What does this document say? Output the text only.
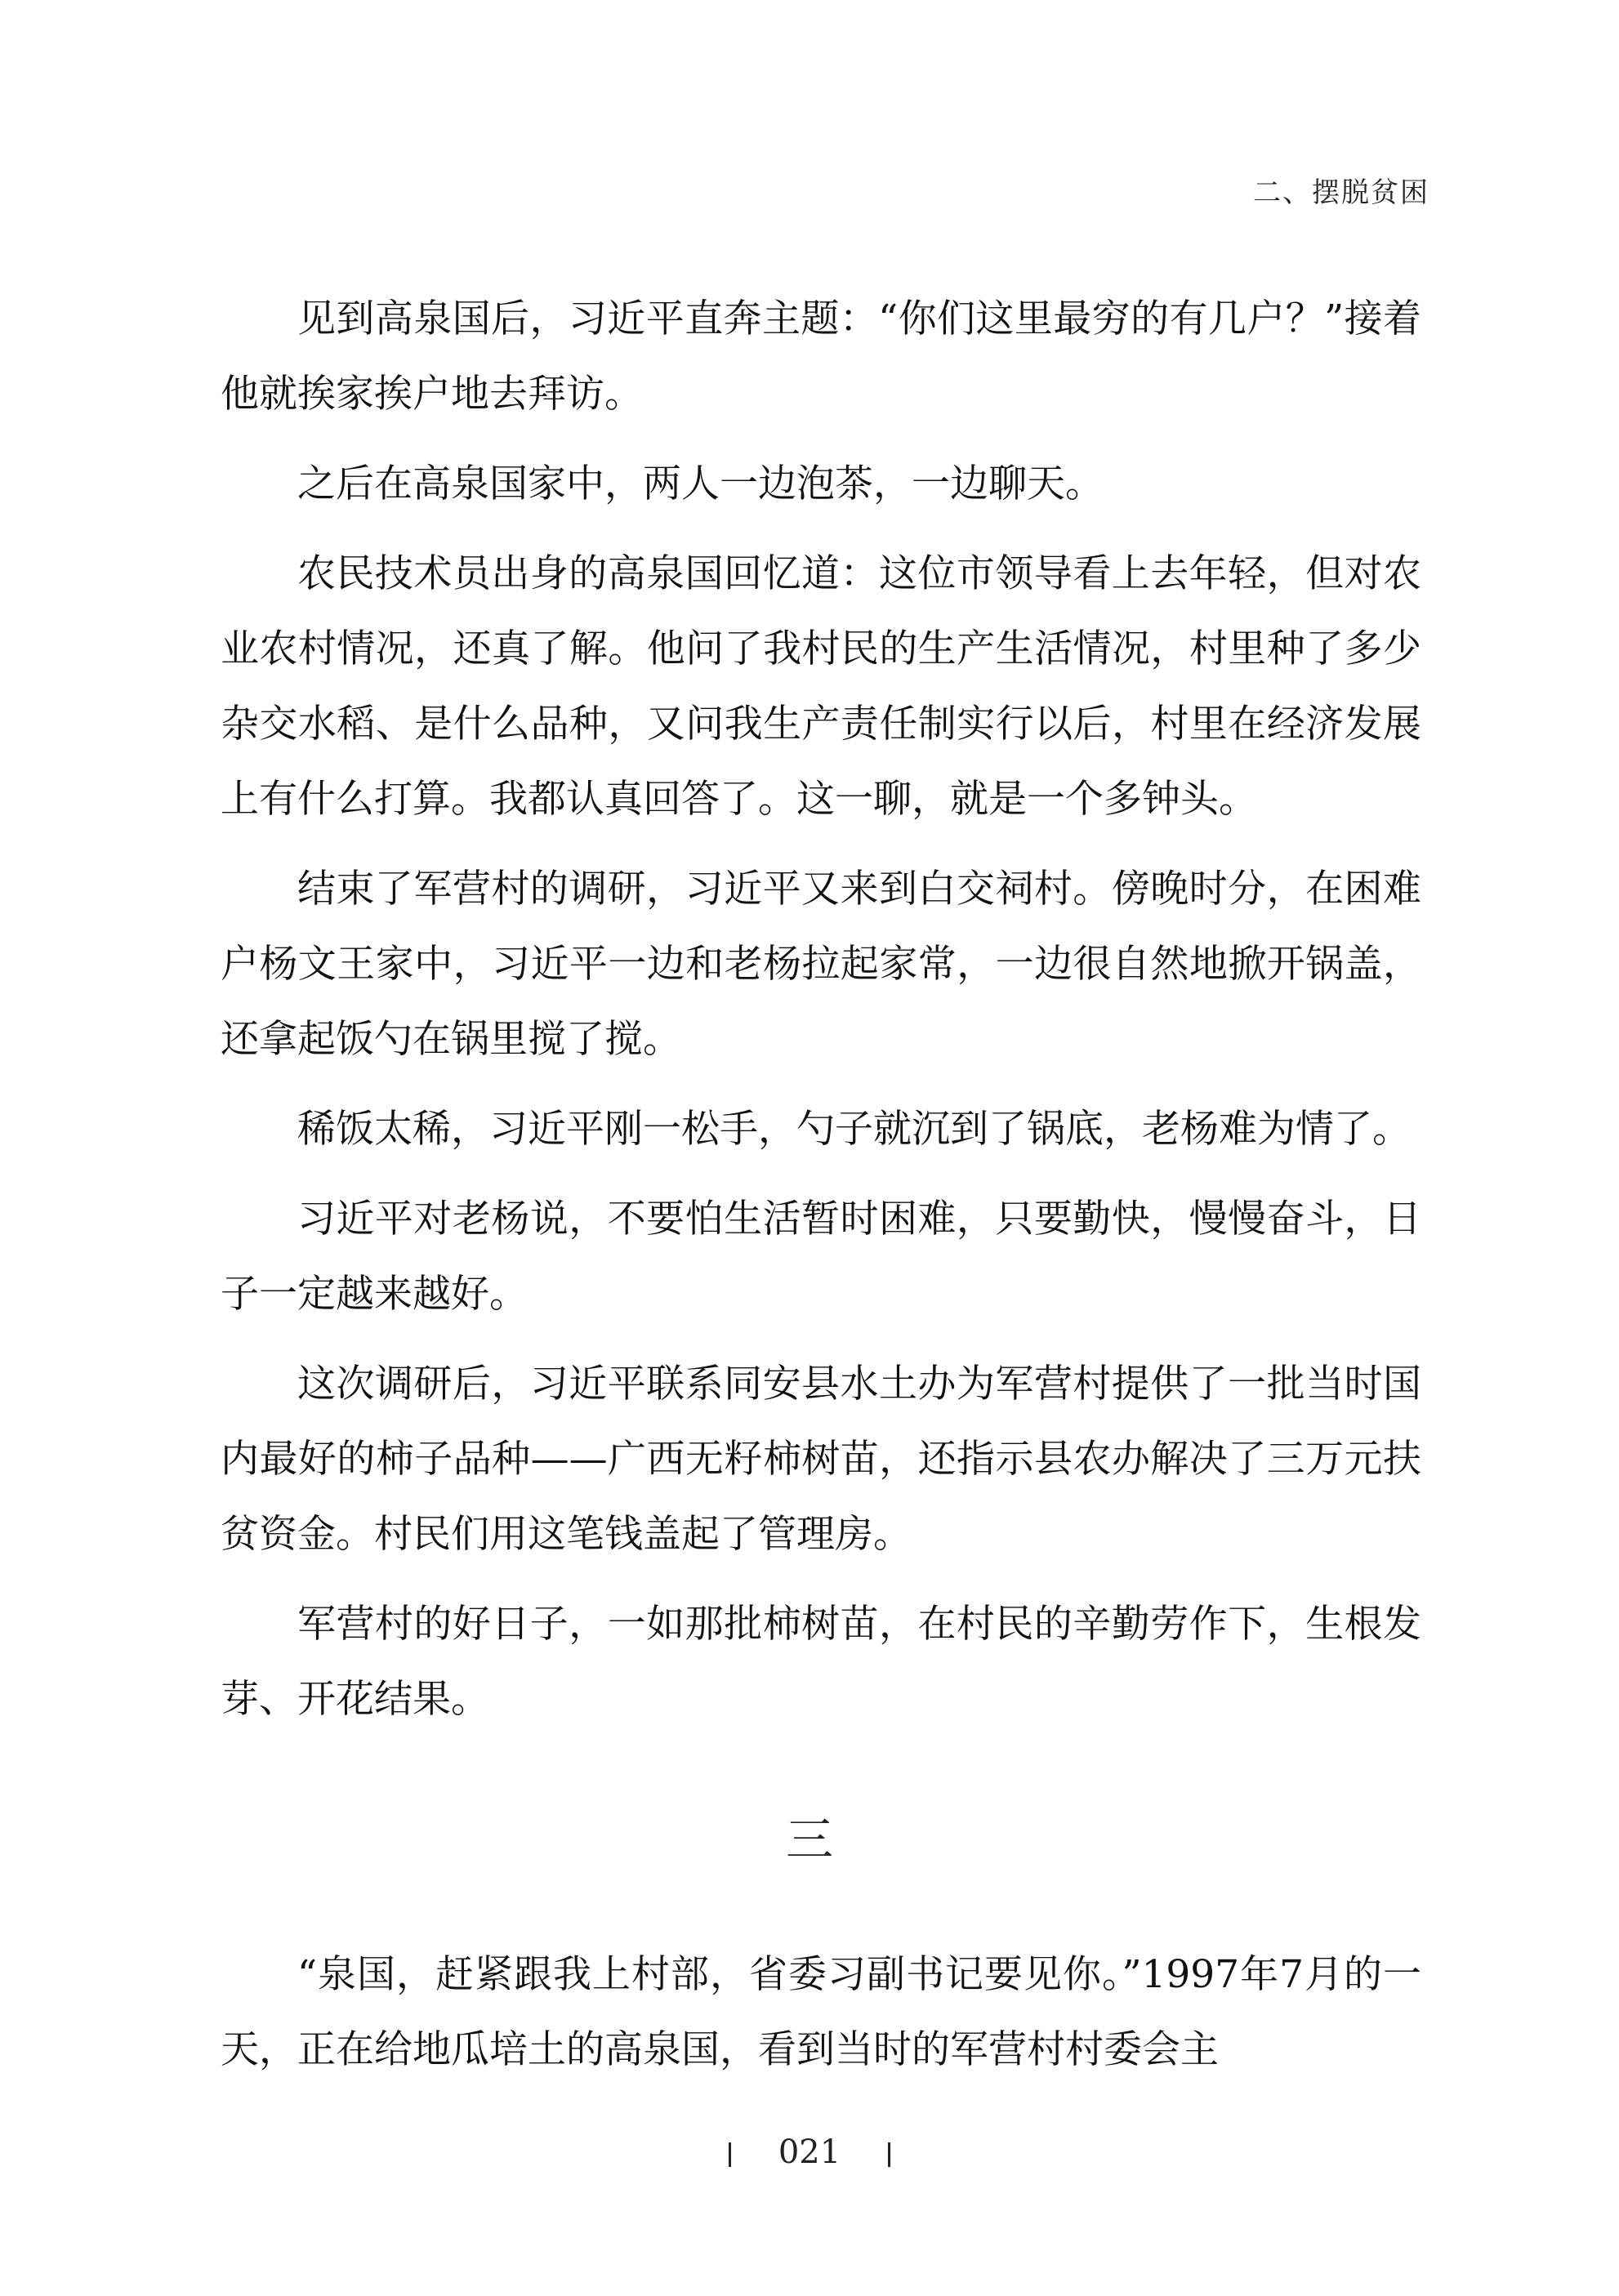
二、摆脱贫困

见到高泉国后，习近平直奔主题：“你们这里最穷的有几户？”接着他就挨家挨户地去拜访。

之后在高泉国家中，两人一边泡茶，一边聊天。

农民技术员出身的高泉国回忆道：这位市领导看上去年轻，但对农业农村情况，还真了解。他问了我村民的生产生活情况，村里种了多少杂交水稻、是什么品种，又问我生产责任制实行以后，村里在经济发展上有什么打算。我都认真回答了。这一聊，就是一个多钟头。

结束了军营村的调研，习近平又来到白交祠村。傍晚时分，在困难户杨文王家中，习近平一边和老杨拉起家常，一边很自然地掀开锅盖，还拿起饭勺在锅里搅了搅。

稀饭太稀，习近平刚一松手，勺子就沉到了锅底，老杨难为情了。

习近平对老杨说，不要怕生活暂时困难，只要勤快，慢慢奋斗，日子一定越来越好。

这次调研后，习近平联系同安县水土办为军营村提供了一批当时国内最好的柿子品种——广西无籽柿树苗，还指示县农办解决了三万元扶贫资金。村民们用这笔钱盖起了管理房。

军营村的好日子，一如那批柿树苗，在村民的辛勤劳作下，生根发芽、开花结果。

三

“泉国，赶紧跟我上村部，省委习副书记要见你。”1997年7月的一天，正在给地瓜培土的高泉国，看到当时的军营村村委会主

021
